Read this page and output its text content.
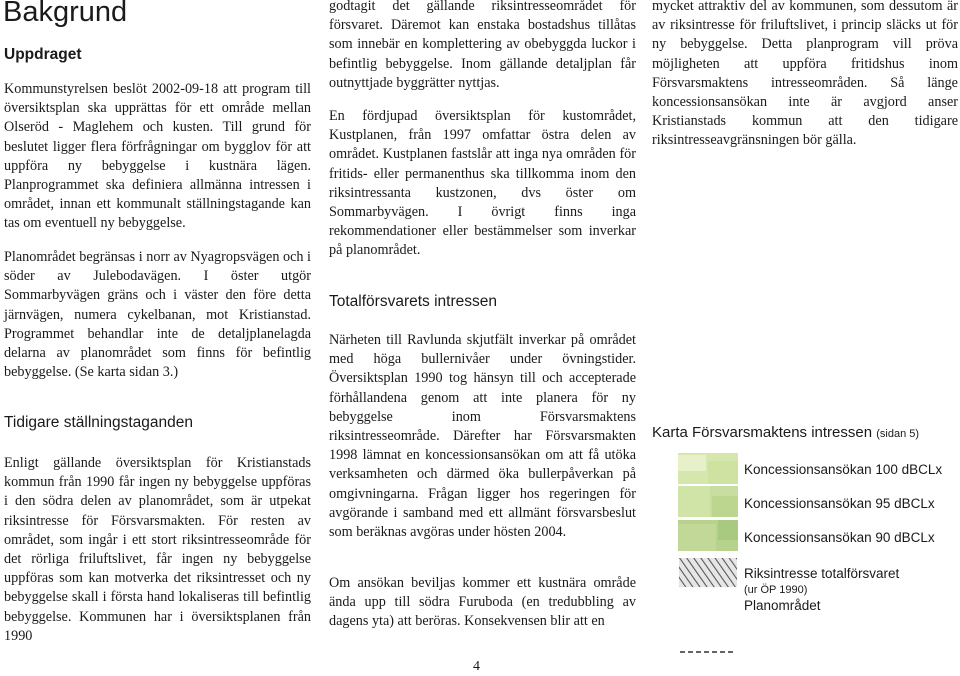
Bakgrund
Uppdraget

Kommunstyrelsen beslöt 2002-09-18 att program till översiktsplan ska upprättas för ett område mellan Olseröd - Maglehem och kusten. Till grund för beslutet ligger flera förfrågningar om bygglov för att uppföra ny bebyggelse i kustnära lägen. Planprogrammet ska definiera allmänna intressen i området, innan ett kommunalt ställningstagande kan tas om eventuell ny bebyggelse.

Planområdet begränsas i norr av Nyagropsvägen och i söder av Julebodavägen. I öster utgör Sommarbyvägen gräns och i väster den före detta järnvägen, numera cykelbanan, mot Kristianstad. Programmet behandlar inte de detaljplanelagda delarna av planområdet som finns för befintlig bebyggelse. (Se karta sidan 3.)

Tidigare ställningstaganden

Enligt gällande översiktsplan för Kristianstads kommun från 1990 får ingen ny bebyggelse uppföras i den södra delen av planområdet, som är utpekat riksintresse för Försvarsmakten. För resten av området, som ingår i ett stort riksintresseområde för det rörliga friluftslivet, får ingen ny bebyggelse uppföras som kan motverka det riksintresset och ny bebyggelse skall i första hand lokaliseras till befintlig bebyggelse. Kommunen har i översiktsplanen från 1990

godtagit det gällande riksintresseområdet för försvaret. Däremot kan enstaka bostadshus tillåtas som innebär en komplettering av obebyggda luckor i befintlig bebyggelse. Inom gällande detaljplan får outnyttjade byggrätter nyttjas.

En fördjupad översiktsplan för kustområdet, Kustplanen, från 1997 omfattar östra delen av området. Kustplanen fastslår att inga nya områden för fritids- eller permanenthus ska tillkomma inom den riksintressanta kustzonen, dvs öster om Sommarbyvägen. I övrigt finns inga rekommendationer eller bestämmelser som inverkar på planområdet.

Totalförsvarets intressen

Närheten till Ravlunda skjutfält inverkar på området med höga bullernivåer under övningstider. Översiktsplan 1990 tog hänsyn till och accepterade förhållandena genom att inte planera för ny bebyggelse inom Försvarsmaktens riksintresseområde. Därefter har Försvarsmakten 1998 lämnat en koncessionsansökan om att få utöka verksamheten och därmed öka bullerpåverkan på omgivningarna. Frågan ligger hos regeringen för avgörande i samband med ett allmänt försvarsbeslut som beräknas avgöras under hösten 2004.

Om ansökan beviljas kommer ett kustnära område ända upp till södra Furuboda (en tredubbling av dagens yta) att beröras. Konsekvensen blir att en

mycket attraktiv del av kommunen, som dessutom är av riksintresse för friluftslivet, i princip släcks ut för ny bebyggelse. Detta planprogram vill pröva möjligheten att uppföra fritidshus inom Försvarsmaktens intresseområden. Så länge koncessionsansökan inte är avgjord anser Kristianstads kommun att den tidigare riksintresseavgränsningen bör gälla.

Karta Försvarsmaktens intressen (sidan 5)
Koncessionsansökan 100 dBCLx
Koncessionsansökan 95 dBCLx
Koncessionsansökan 90 dBCLx
Riksintresse totalförsvaret
(ur ÖP 1990)
Planområdet
4
